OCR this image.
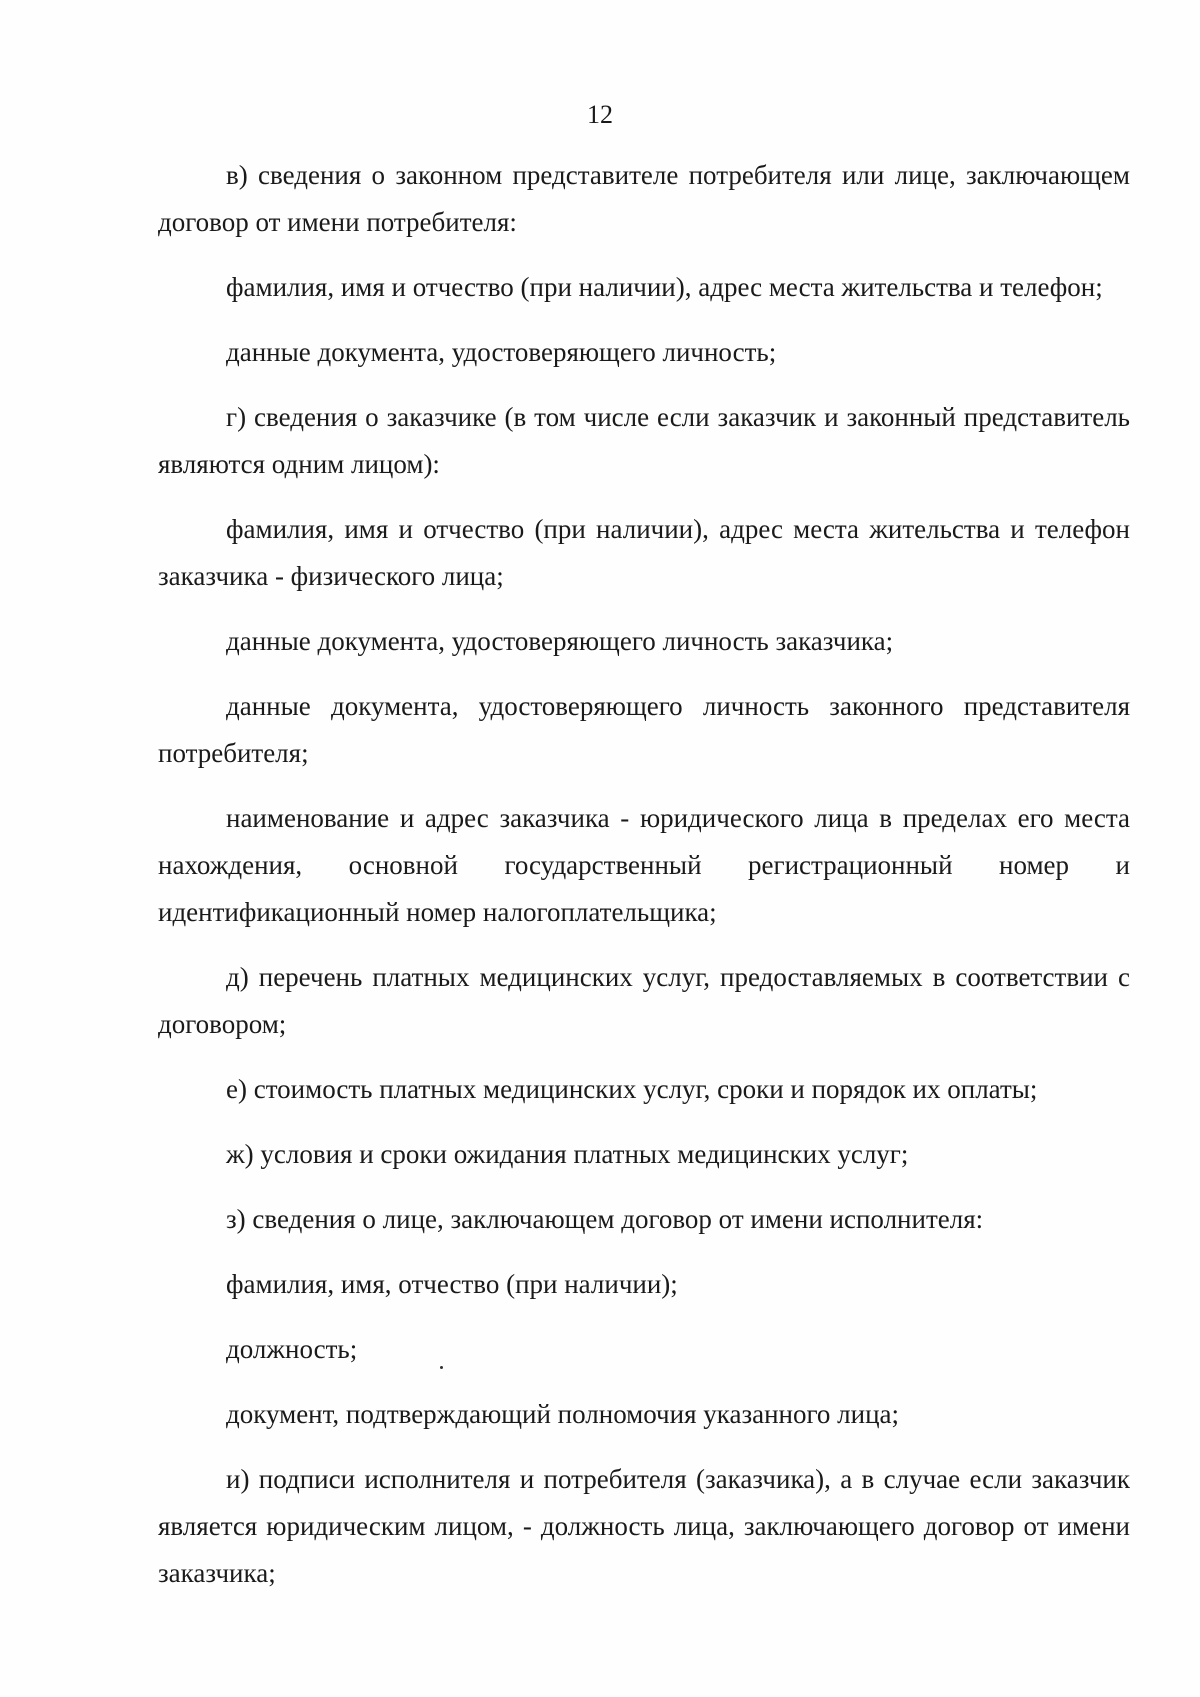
12

в) сведения о законном представителе потребителя или лице, заключающем договор от имени потребителя:

фамилия, имя и отчество (при наличии), адрес места жительства и телефон;

данные документа, удостоверяющего личность;

г) сведения о заказчике (в том числе если заказчик и законный представитель являются одним лицом):

фамилия, имя и отчество (при наличии), адрес места жительства и телефон заказчика - физического лица;

данные документа, удостоверяющего личность заказчика;

данные документа, удостоверяющего личность законного представителя потребителя;

наименование и адрес заказчика - юридического лица в пределах его места нахождения, основной государственный регистрационный номер и идентификационный номер налогоплательщика;

д) перечень платных медицинских услуг, предоставляемых в соответствии с договором;

е) стоимость платных медицинских услуг, сроки и порядок их оплаты;

ж) условия и сроки ожидания платных медицинских услуг;

з) сведения о лице, заключающем договор от имени исполнителя:

фамилия, имя, отчество (при наличии);

должность;

документ, подтверждающий полномочия указанного лица;

и) подписи исполнителя и потребителя (заказчика), а в случае если заказчик является юридическим лицом, - должность лица, заключающего договор от имени заказчика;
